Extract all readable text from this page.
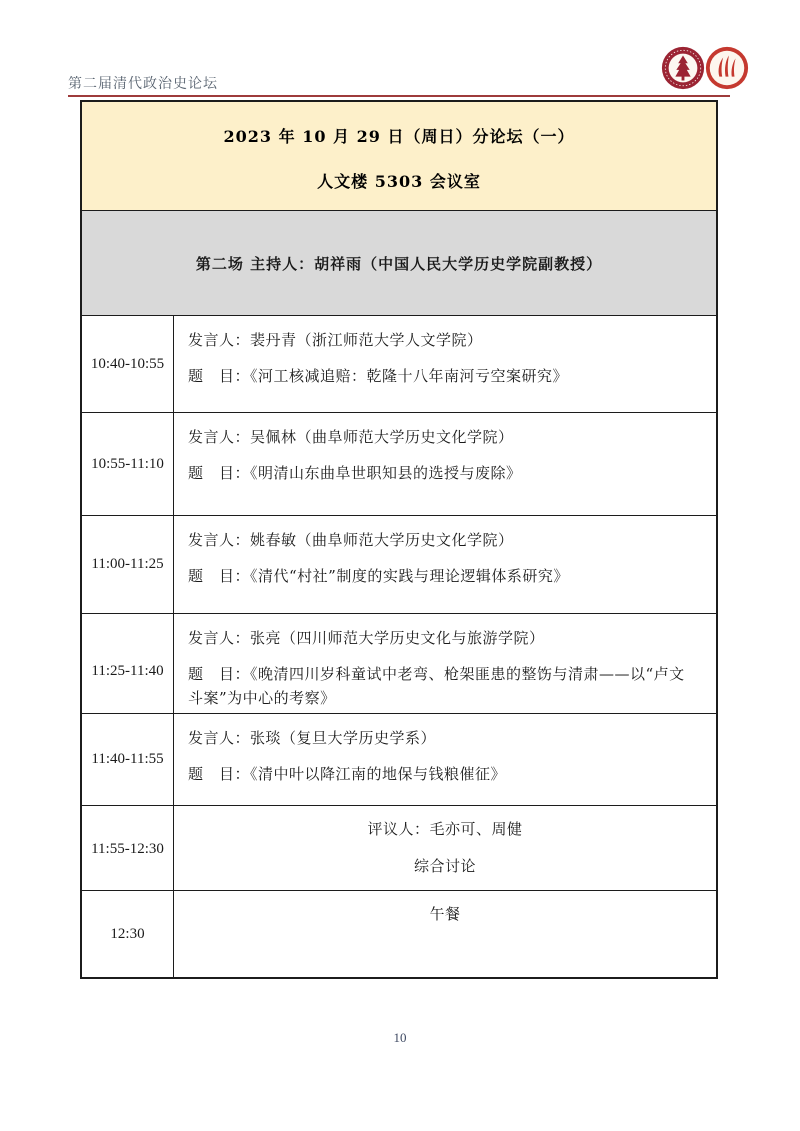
第二届清代政治史论坛
2023 年 10 月 29 日（周日）分论坛（一）
人文楼 5303 会议室
第二场 主持人：胡祥雨（中国人民大学历史学院副教授）
10:40-10:55
发言人：裴丹青（浙江师范大学人文学院）
题　目：《河工核减追赔：乾隆十八年南河亏空案研究》
10:55-11:10
发言人：吴佩林（曲阜师范大学历史文化学院）
题　目：《明清山东曲阜世职知县的选授与废除》
11:00-11:25
发言人：姚春敏（曲阜师范大学历史文化学院）
题　目：《清代“村社”制度的实践与理论逻辑体系研究》
11:25-11:40
发言人：张亮（四川师范大学历史文化与旅游学院）
题　目：《晚清四川岁科童试中老弯、枪架匪患的整饬与清肃——以“卢文斗案”为中心的考察》
11:40-11:55
发言人：张琰（复旦大学历史学系）
题　目：《清中叶以降江南的地保与钱粮催征》
11:55-12:30
评议人：毛亦可、周健
综合讨论
12:30
午餐
10
